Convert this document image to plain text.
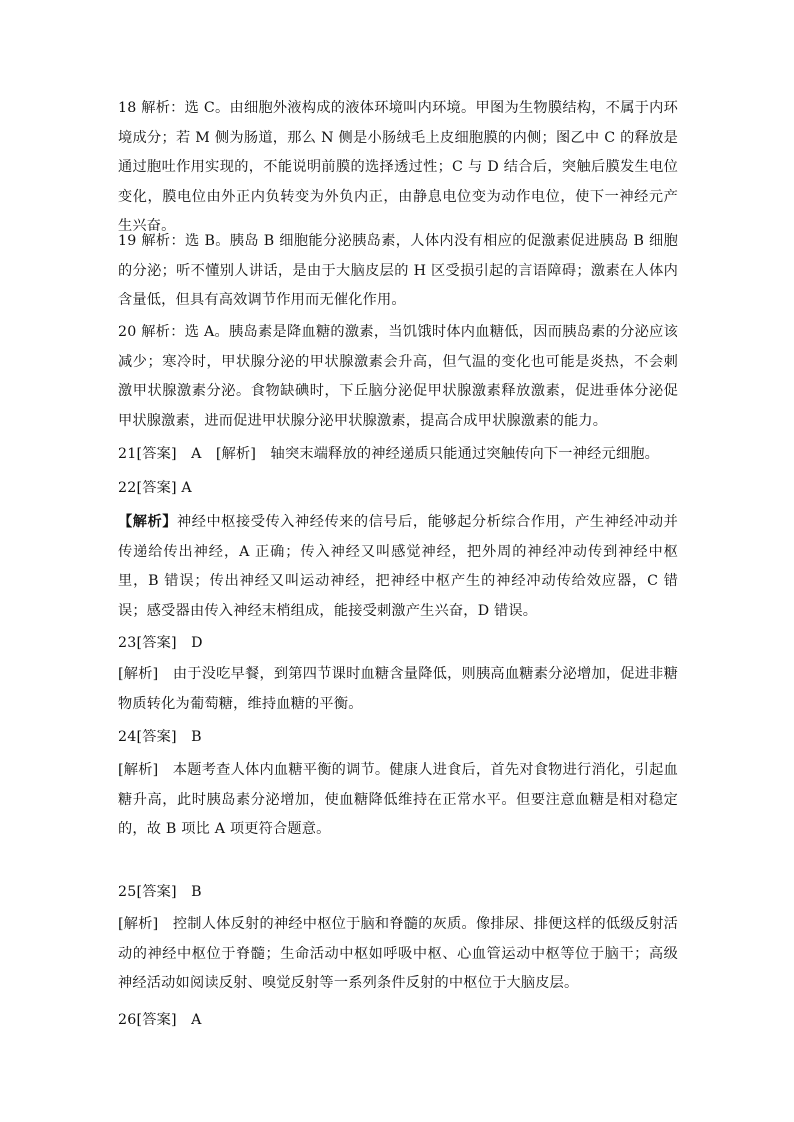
18 解析：选 C。由细胞外液构成的液体环境叫内环境。甲图为生物膜结构，不属于内环境成分；若 M 侧为肠道，那么 N 侧是小肠绒毛上皮细胞膜的内侧；图乙中 C 的释放是通过胞吐作用实现的，不能说明前膜的选择透过性；C 与 D 结合后，突触后膜发生电位变化，膜电位由外正内负转变为外负内正，由静息电位变为动作电位，使下一神经元产生兴奋。

19 解析：选 B。胰岛 B 细胞能分泌胰岛素，人体内没有相应的促激素促进胰岛 B 细胞的分泌；听不懂别人讲话，是由于大脑皮层的 H 区受损引起的言语障碍；激素在人体内含量低，但具有高效调节作用而无催化作用。

20 解析：选 A。胰岛素是降血糖的激素，当饥饿时体内血糖低，因而胰岛素的分泌应该减少；寒冷时，甲状腺分泌的甲状腺激素会升高，但气温的变化也可能是炎热，不会刺激甲状腺激素分泌。食物缺碘时，下丘脑分泌促甲状腺激素释放激素，促进垂体分泌促甲状腺激素，进而促进甲状腺分泌甲状腺激素，提高合成甲状腺激素的能力。

21[答案]　A　[解析]　轴突末端释放的神经递质只能通过突触传向下一神经元细胞。

22[答案] A

【解析】神经中枢接受传入神经传来的信号后，能够起分析综合作用，产生神经冲动并传递给传出神经，A 正确；传入神经又叫感觉神经，把外周的神经冲动传到神经中枢里，B 错误；传出神经又叫运动神经，把神经中枢产生的神经冲动传给效应器，C 错误；感受器由传入神经末梢组成，能接受刺激产生兴奋，D 错误。

23[答案]　D

[解析]　由于没吃早餐，到第四节课时血糖含量降低，则胰高血糖素分泌增加，促进非糖物质转化为葡萄糖，维持血糖的平衡。

24[答案]　B

[解析]　本题考查人体内血糖平衡的调节。健康人进食后，首先对食物进行消化，引起血糖升高，此时胰岛素分泌增加，使血糖降低维持在正常水平。但要注意血糖是相对稳定的，故 B 项比 A 项更符合题意。

25[答案]　B

[解析]　控制人体反射的神经中枢位于脑和脊髓的灰质。像排尿、排便这样的低级反射活动的神经中枢位于脊髓；生命活动中枢如呼吸中枢、心血管运动中枢等位于脑干；高级神经活动如阅读反射、嗅觉反射等一系列条件反射的中枢位于大脑皮层。

26[答案]　A
